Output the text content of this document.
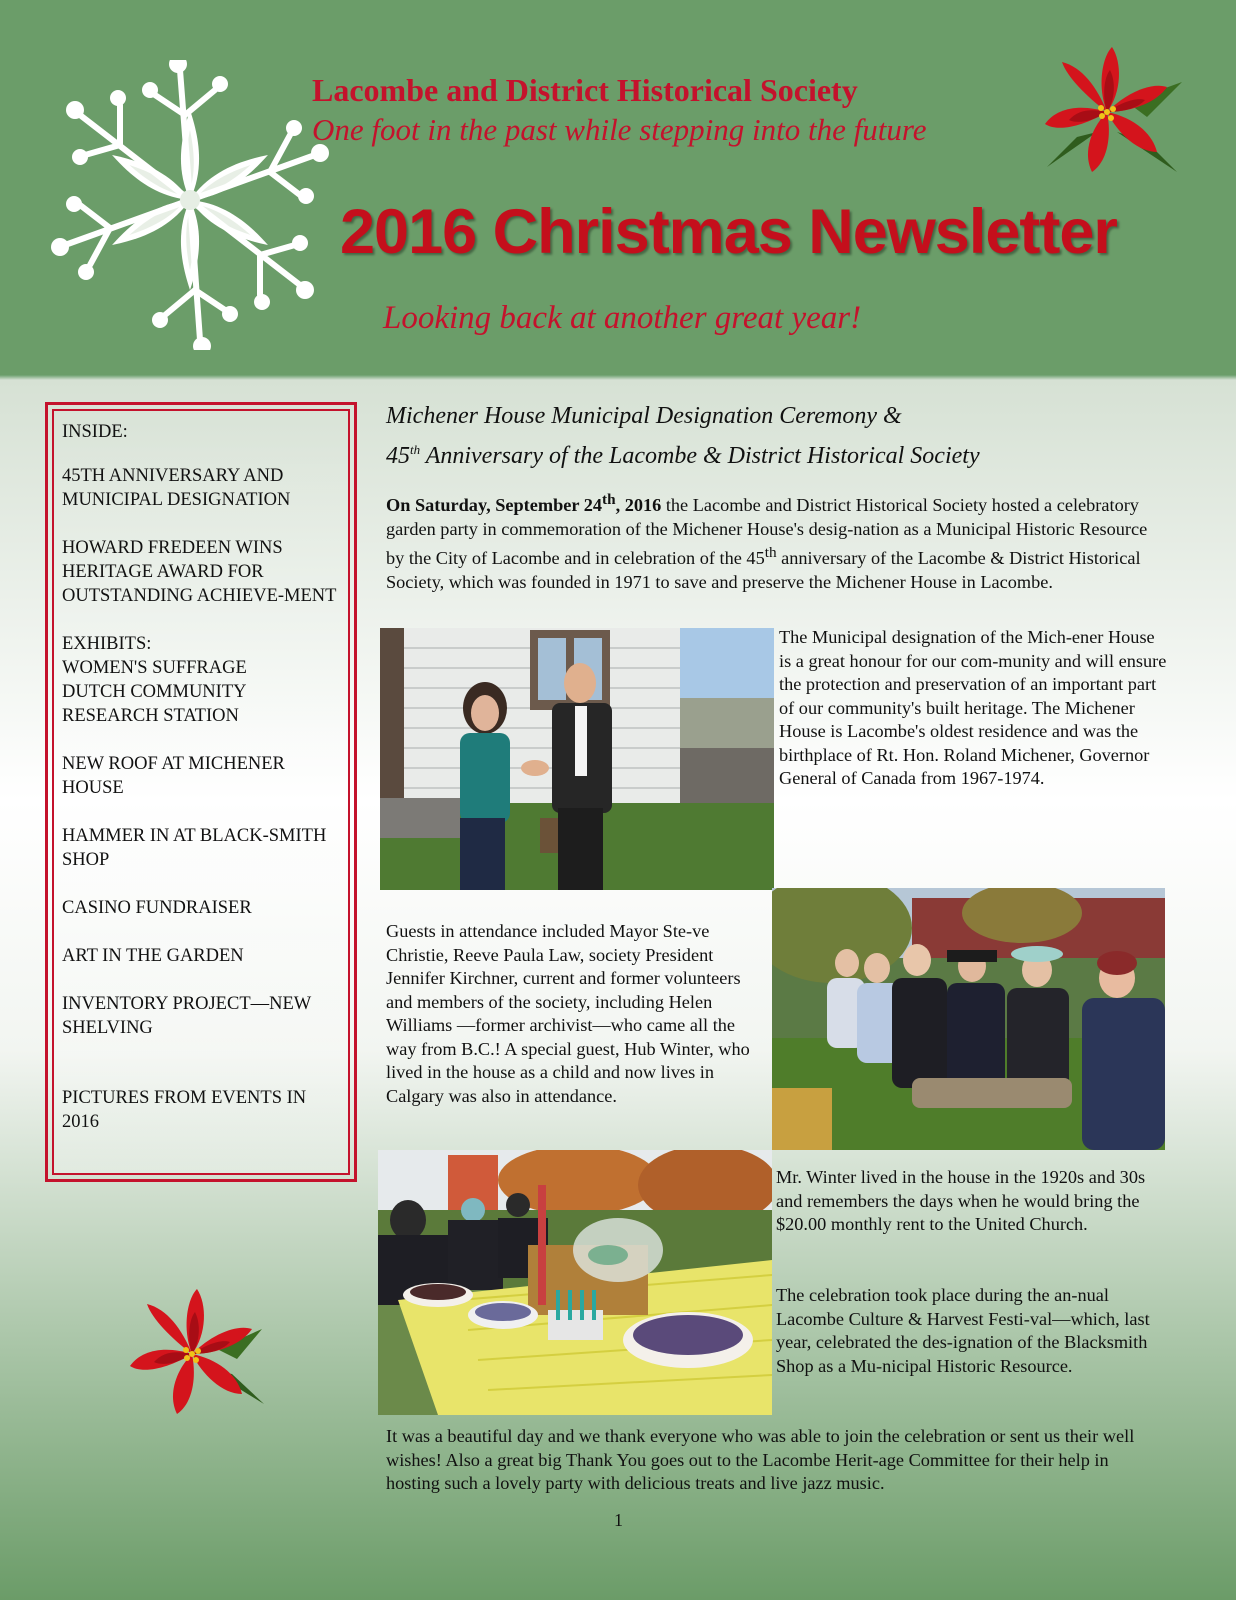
Lacombe and District Historical Society
One foot in the past while stepping into the future
2016 Christmas Newsletter
Looking back at another great year!
INSIDE:
45TH ANNIVERSARY AND MUNICIPAL DESIGNATION
HOWARD FREDEEN WINS HERITAGE AWARD FOR OUTSTANDING ACHIEVE-MENT
EXHIBITS:
WOMEN'S SUFFRAGE
DUTCH COMMUNITY
RESEARCH STATION
NEW ROOF AT MICHENER HOUSE
HAMMER IN AT BLACK-SMITH SHOP
CASINO FUNDRAISER
ART IN THE GARDEN
INVENTORY PROJECT—NEW SHELVING
PICTURES FROM EVENTS IN 2016
Michener House Municipal Designation Ceremony &
45th Anniversary of the Lacombe & District Historical Society
On Saturday, September 24th, 2016 the Lacombe and District Historical Society hosted a celebratory garden party in commemoration of the Michener House's desig-nation as a Municipal Historic Resource by the City of Lacombe and in celebration of the 45th anniversary of the Lacombe & District Historical Society, which was founded in 1971 to save and preserve the Michener House in Lacombe.
The Municipal designation of the Mich-ener House is a great honour for our com-munity and will ensure the protection and preservation of an important part of our community's built heritage. The Michener House is Lacombe's oldest residence and was the birthplace of Rt. Hon. Roland Michener, Governor General of Canada from 1967-1974.
Guests in attendance included Mayor Ste-ve Christie, Reeve Paula Law, society President Jennifer Kirchner, current and former volunteers and members of the society, including Helen Williams —former archivist—who came all the way from B.C.! A special guest, Hub Winter, who lived in the house as a child and now lives in Calgary was also in attendance.
Mr. Winter lived in the house in the 1920s and 30s and remembers the days when he would bring the $20.00 monthly rent to the United Church.
The celebration took place during the an-nual Lacombe Culture & Harvest Festi-val—which, last year, celebrated the des-ignation of the Blacksmith Shop as a Mu-nicipal Historic Resource.
It was a beautiful day and we thank everyone who was able to join the celebration or sent us their well wishes! Also a great big Thank You goes out to the Lacombe Herit-age Committee for their help in hosting such a lovely party with delicious treats and live jazz music.
1
